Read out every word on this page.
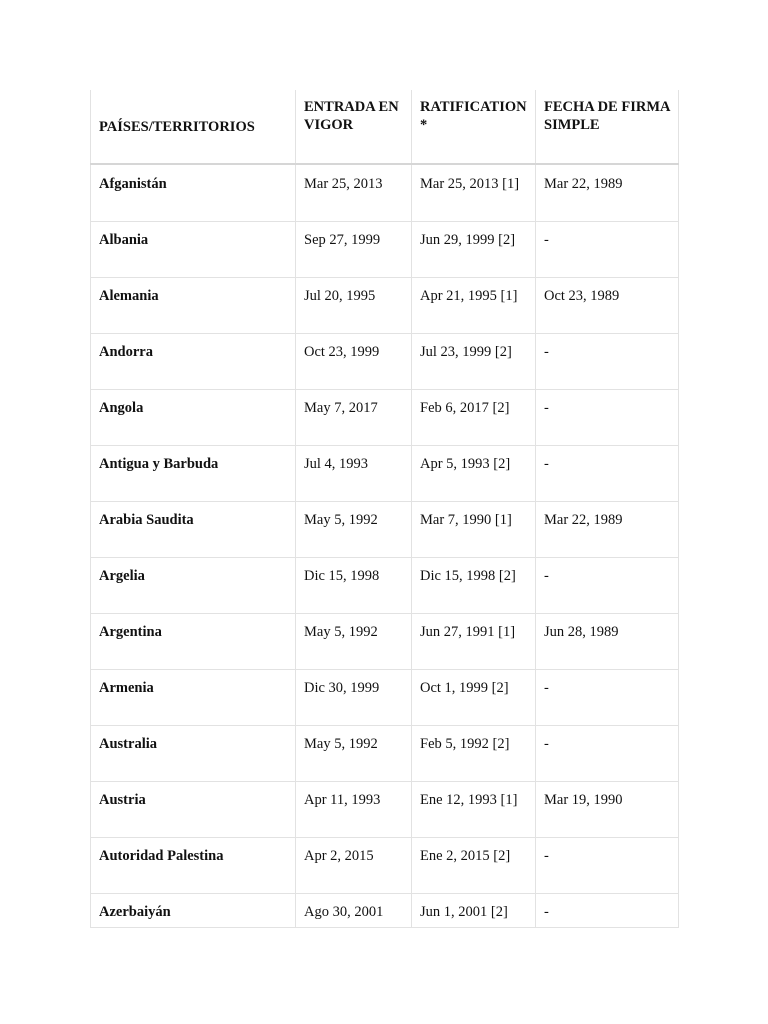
PAÍSES/TERRITORIOS	ENTRADA EN VIGOR	RATIFICATION *	FECHA DE FIRMA SIMPLE
Afganistán	Mar 25, 2013	Mar 25, 2013 [1]	Mar 22, 1989
Albania	Sep 27, 1999	Jun 29, 1999 [2]	-
Alemania	Jul 20, 1995	Apr 21, 1995 [1]	Oct 23, 1989
Andorra	Oct 23, 1999	Jul 23, 1999 [2]	-
Angola	May 7, 2017	Feb 6, 2017 [2]	-
Antigua y Barbuda	Jul 4, 1993	Apr 5, 1993 [2]	-
Arabia Saudita	May 5, 1992	Mar 7, 1990 [1]	Mar 22, 1989
Argelia	Dic 15, 1998	Dic 15, 1998 [2]	-
Argentina	May 5, 1992	Jun 27, 1991 [1]	Jun 28, 1989
Armenia	Dic 30, 1999	Oct 1, 1999 [2]	-
Australia	May 5, 1992	Feb 5, 1992 [2]	-
Austria	Apr 11, 1993	Ene 12, 1993 [1]	Mar 19, 1990
Autoridad Palestina	Apr 2, 2015	Ene 2, 2015 [2]	-
Azerbaiyán	Ago 30, 2001	Jun 1, 2001 [2]	-
